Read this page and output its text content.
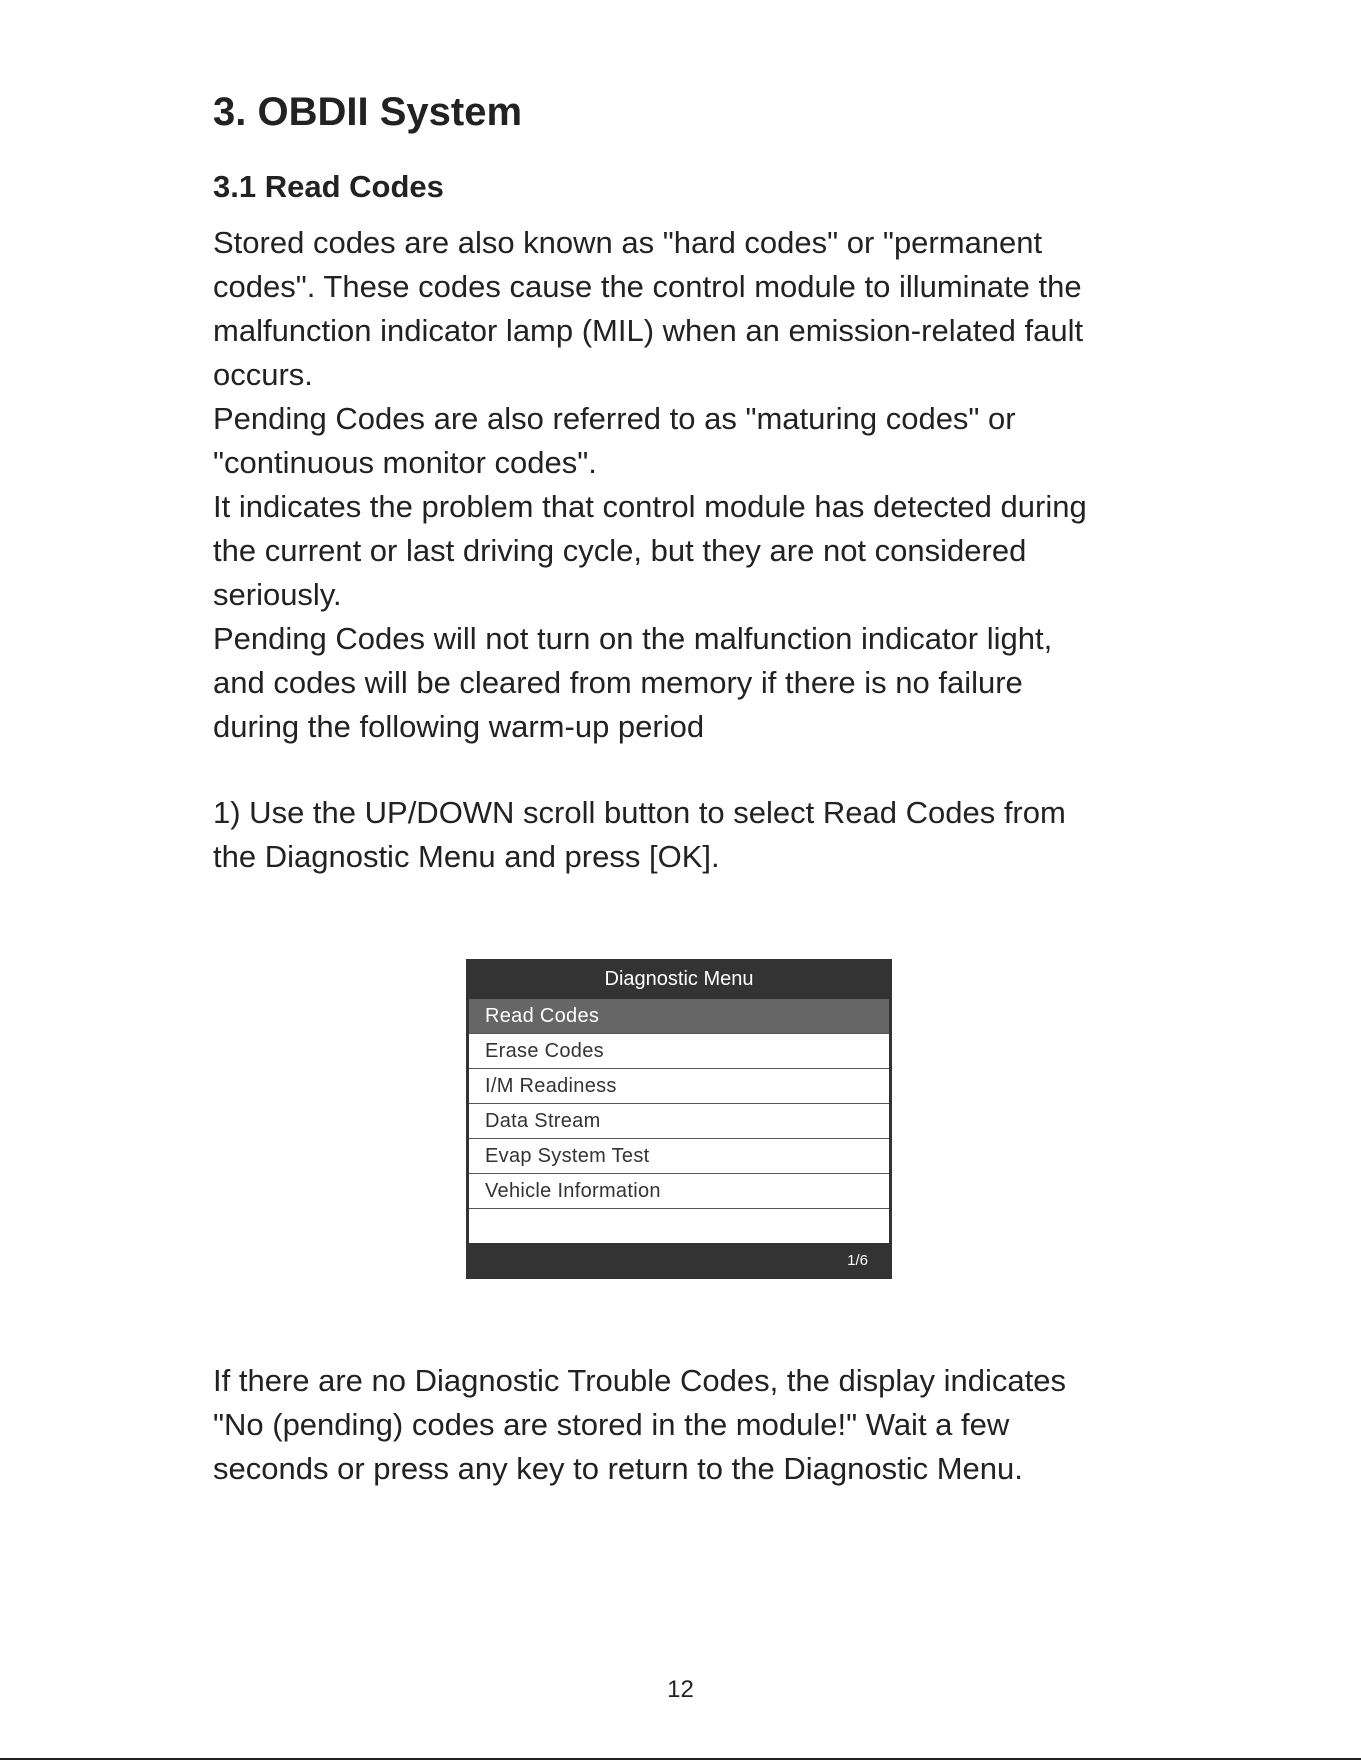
3. OBDII System
3.1 Read Codes

Stored codes are also known as "hard codes" or "permanent
codes". These codes cause the control module to illuminate the
malfunction indicator lamp (MIL) when an emission-related fault
occurs.
Pending Codes are also referred to as "maturing codes" or
"continuous monitor codes".
It indicates the problem that control module has detected during
the current or last driving cycle, but they are not considered
seriously.
Pending Codes will not turn on the malfunction indicator light,
and codes will be cleared from memory if there is no failure
during the following warm-up period

1) Use the UP/DOWN scroll button to select Read Codes from
the Diagnostic Menu and press [OK].

Diagnostic Menu
Read Codes
Erase Codes
I/M Readiness
Data Stream
Evap System Test
Vehicle Information
1/6

If there are no Diagnostic Trouble Codes, the display indicates
"No (pending) codes are stored in the module!" Wait a few
seconds or press any key to return to the Diagnostic Menu.

12
